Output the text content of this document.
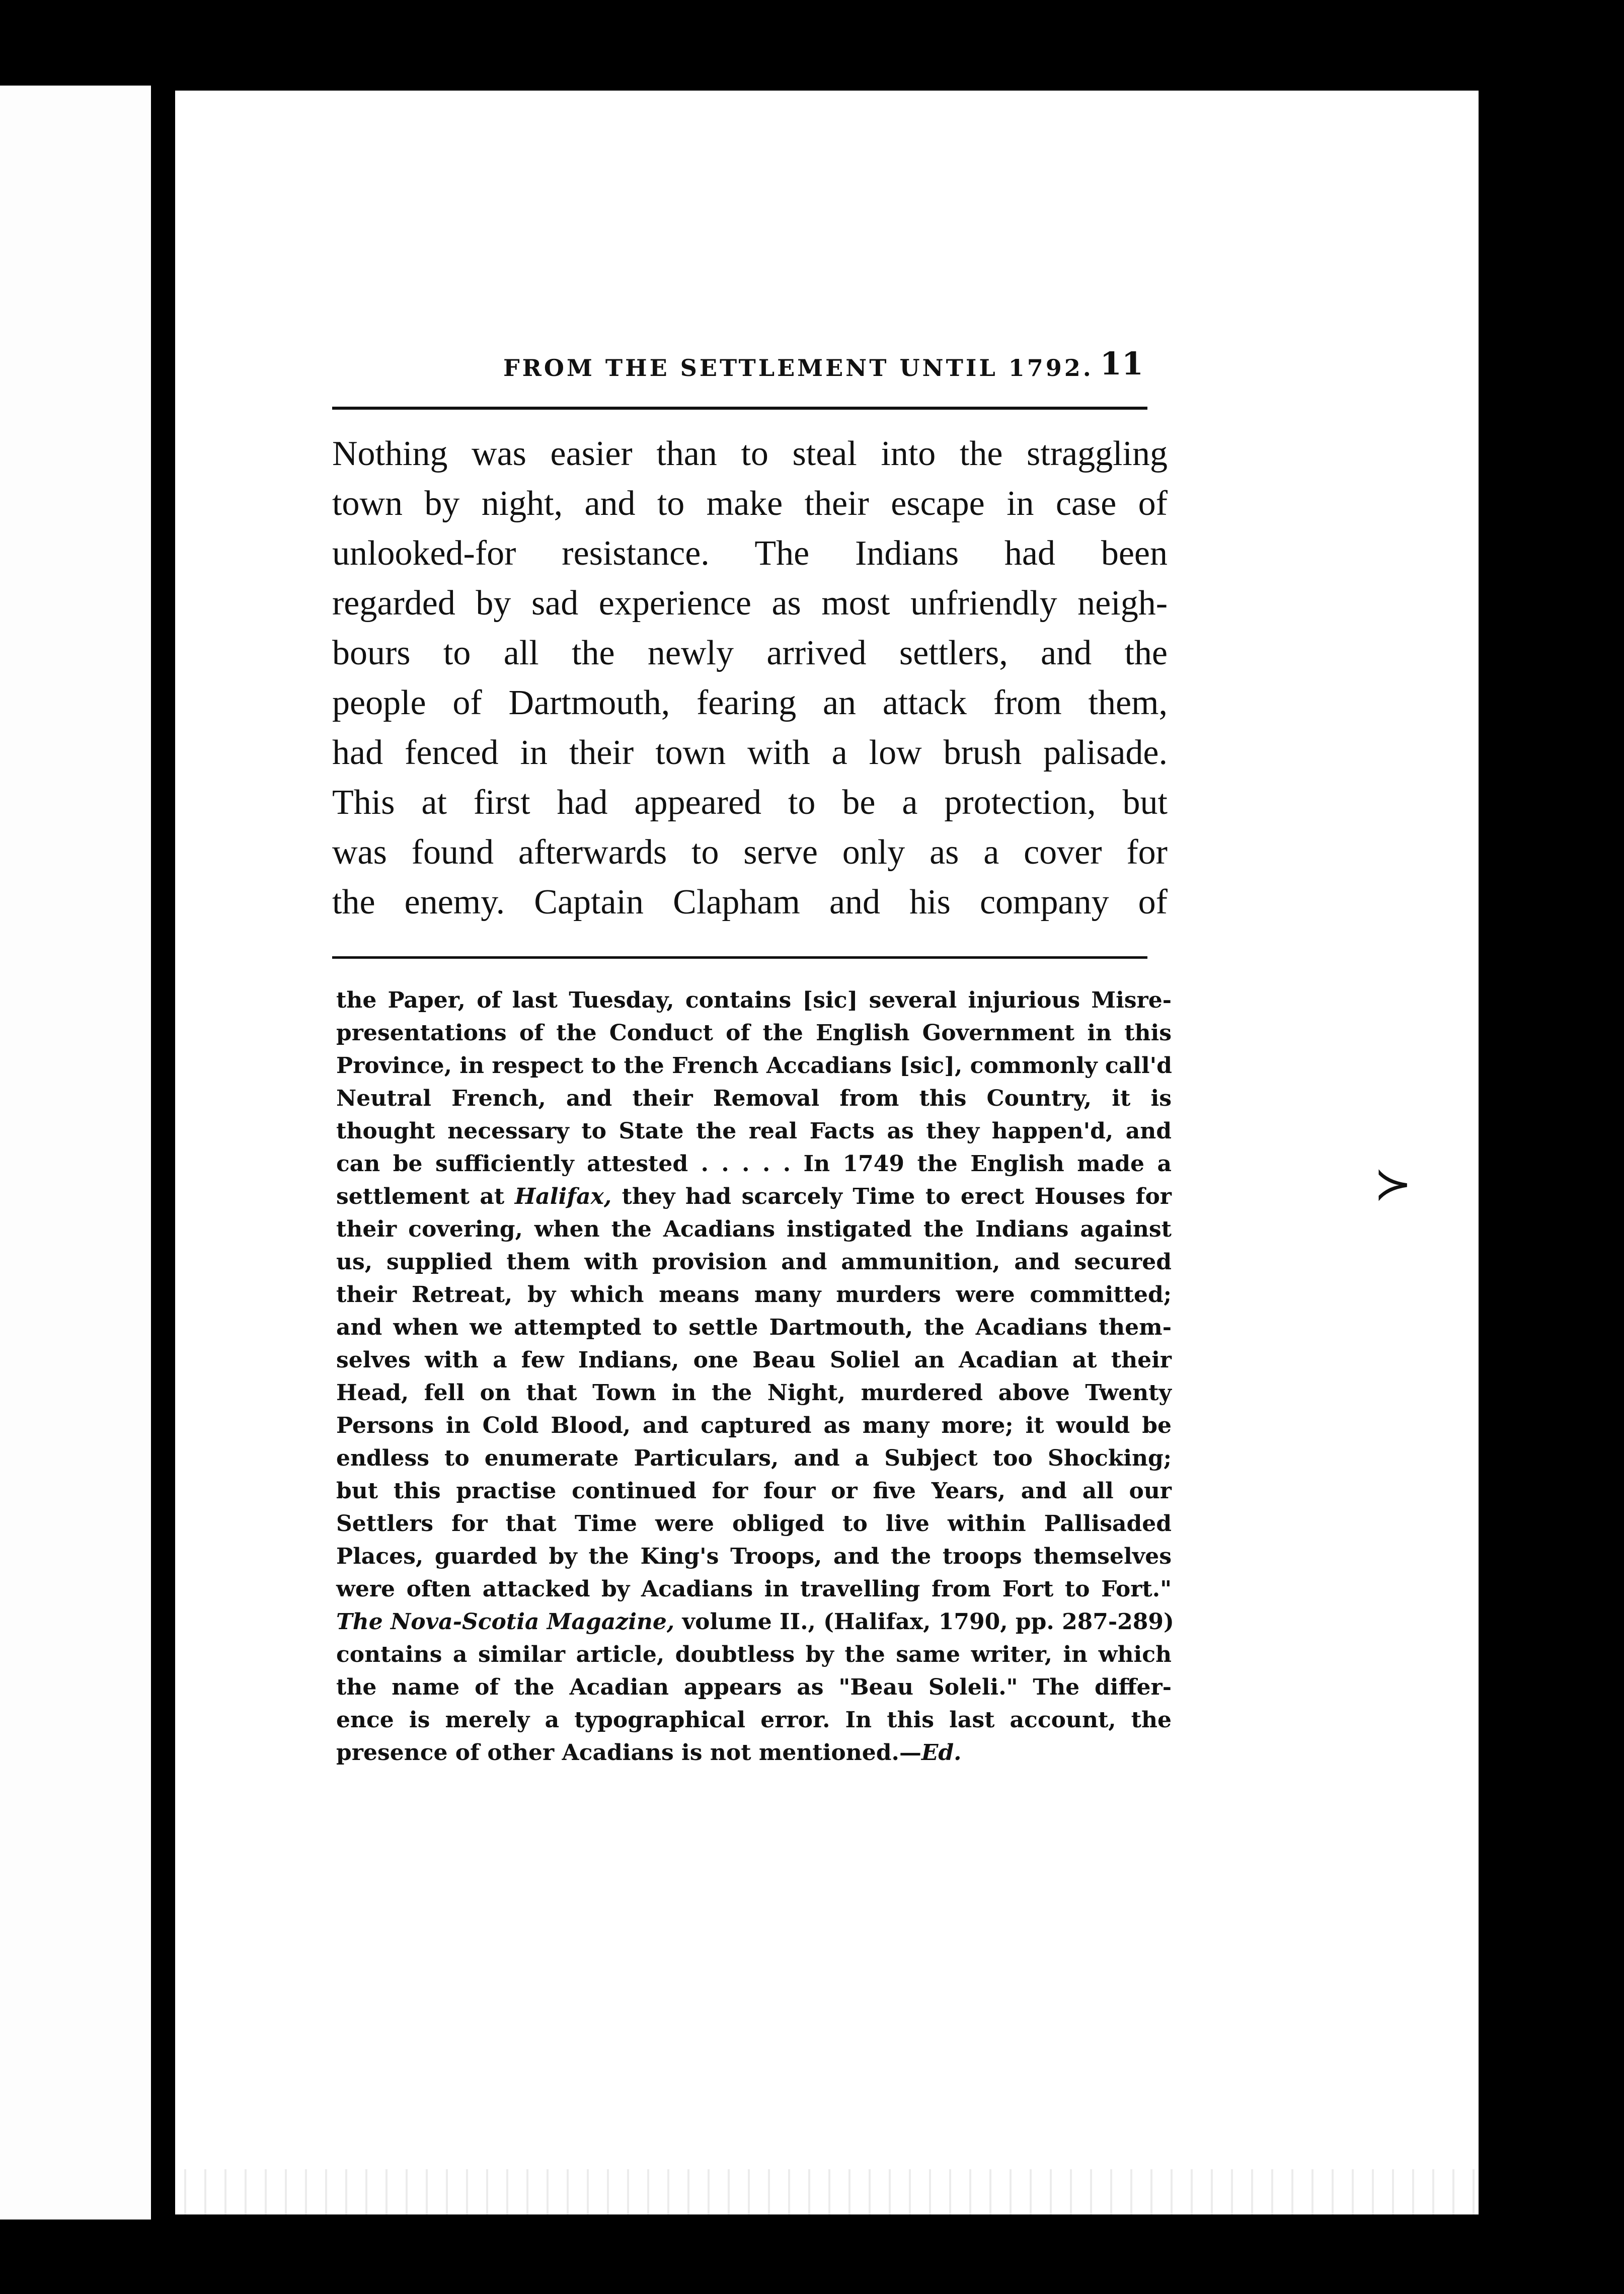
FROM THE SETTLEMENT UNTIL 1792. 11
Nothing was easier than to steal into the straggling
town by night, and to make their escape in case of
unlooked-for resistance. The Indians had been
regarded by sad experience as most unfriendly neigh-
bours to all the newly arrived settlers, and the
people of Dartmouth, fearing an attack from them,
had fenced in their town with a low brush palisade.
This at first had appeared to be a protection, but
was found afterwards to serve only as a cover for
the enemy. Captain Clapham and his company of
the Paper, of last Tuesday, contains [sic] several injurious Misre-
presentations of the Conduct of the English Government in this
Province, in respect to the French Accadians [sic], commonly call'd
Neutral French, and their Removal from this Country, it is
thought necessary to State the real Facts as they happen'd, and
can be sufficiently attested . . . . . In 1749 the English made a
settlement at Halifax, they had scarcely Time to erect Houses for
their covering, when the Acadians instigated the Indians against
us, supplied them with provision and ammunition, and secured
their Retreat, by which means many murders were committed;
and when we attempted to settle Dartmouth, the Acadians them-
selves with a few Indians, one Beau Soliel an Acadian at their
Head, fell on that Town in the Night, murdered above Twenty
Persons in Cold Blood, and captured as many more; it would be
endless to enumerate Particulars, and a Subject too Shocking;
but this practise continued for four or five Years, and all our
Settlers for that Time were obliged to live within Pallisaded
Places, guarded by the King's Troops, and the troops themselves
were often attacked by Acadians in travelling from Fort to Fort."
The Nova-Scotia Magazine, volume II., (Halifax, 1790, pp. 287-289)
contains a similar article, doubtless by the same writer, in which
the name of the Acadian appears as "Beau Soleli." The differ-
ence is merely a typographical error. In this last account, the
presence of other Acadians is not mentioned.—Ed.
≻
